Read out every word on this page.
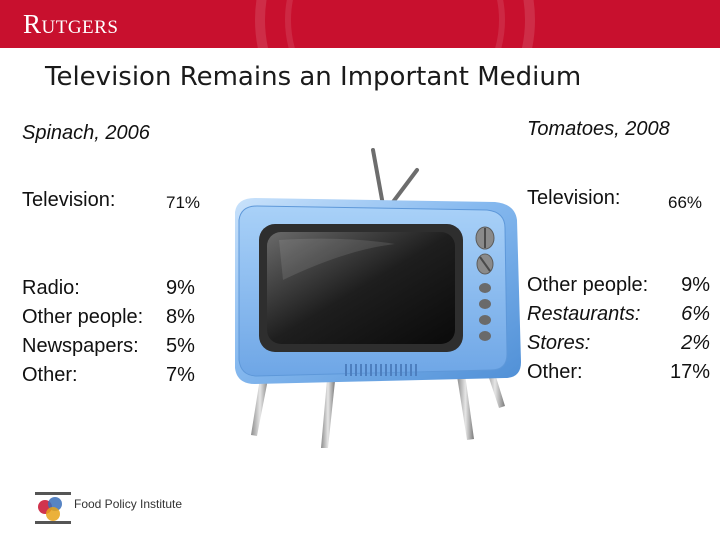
Rutgers
Television Remains an Important Medium
Spinach, 2006
Television:	71%
Radio:
Other people:
Newspapers:
Other:
9%
8%
5%
7%
Tomatoes, 2008
Television:	66%
Other people:
Restaurants:
Stores:
Other:
9%
6%
2%
17%
Food Policy Institute
